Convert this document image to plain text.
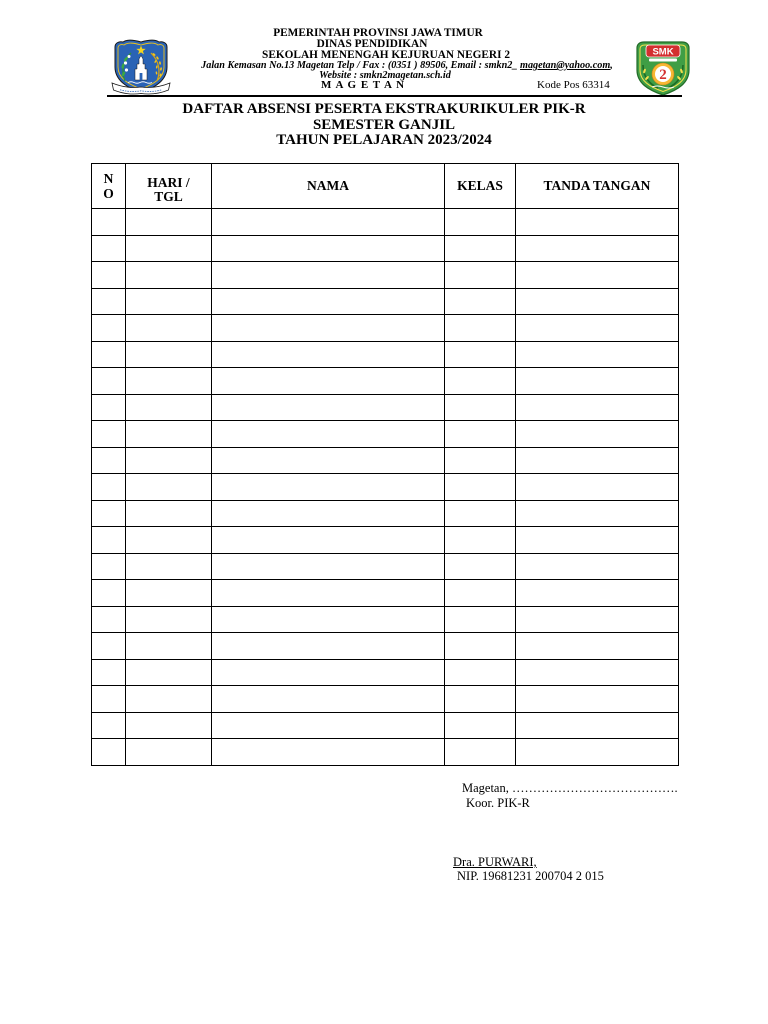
PEMERINTAH PROVINSI JAWA TIMUR
DINAS PENDIDIKAN
SEKOLAH MENENGAH KEJURUAN NEGERI 2
Jalan Kemasan No.13 Magetan Telp / Fax : (0351 ) 89506, Email : smkn2_ magetan@yahoo.com,
Website : smkn2magetan.sch.id
M A G E T A N	Kode Pos 63314
SMK
2
DAFTAR ABSENSI PESERTA EKSTRAKURIKULER PIK-R
SEMESTER GANJIL
TAHUN PELAJARAN 2023/2024
NO	HARI / TGL	NAMA	KELAS	TANDA TANGAN

Magetan, ………………………………….
Koor. PIK-R
Dra. PURWARI,
NIP. 19681231 200704 2 015
